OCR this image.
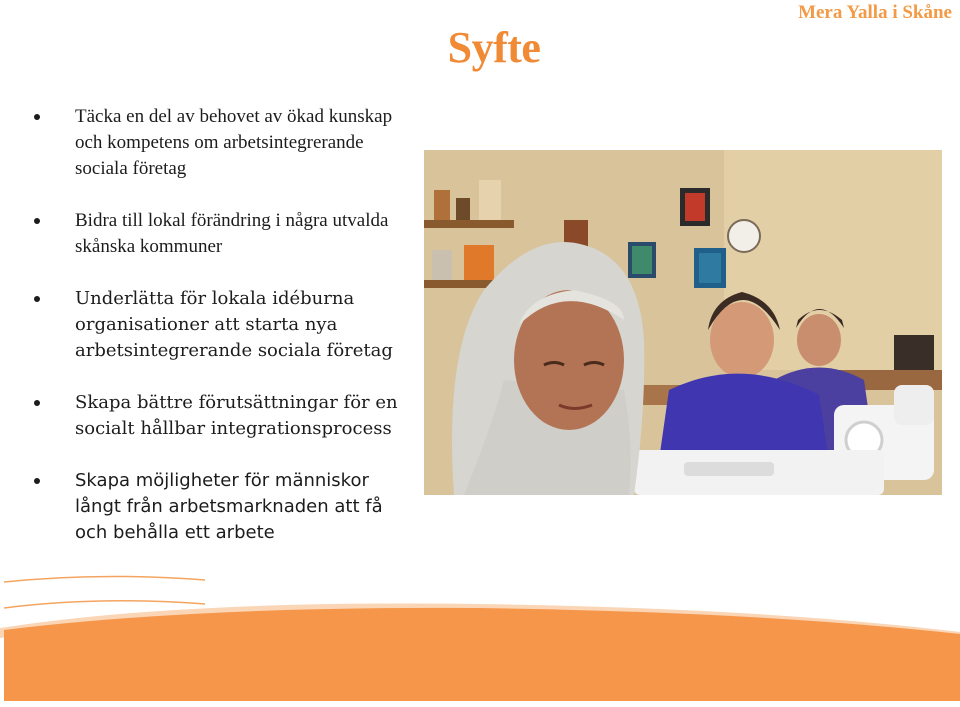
Mera Yalla i Skåne
Syfte
Täcka en del av behovet av ökad kunskap och kompetens om arbetsintegrerande sociala företag
Bidra till lokal förändring i några utvalda skånska kommuner
Underlätta för lokala idéburna organisationer att starta nya arbetsintegrerande sociala företag
Skapa bättre förutsättningar för en socialt hållbar integrationsprocess
Skapa möjligheter för människor långt från arbetsmarknaden att få och behålla ett arbete
